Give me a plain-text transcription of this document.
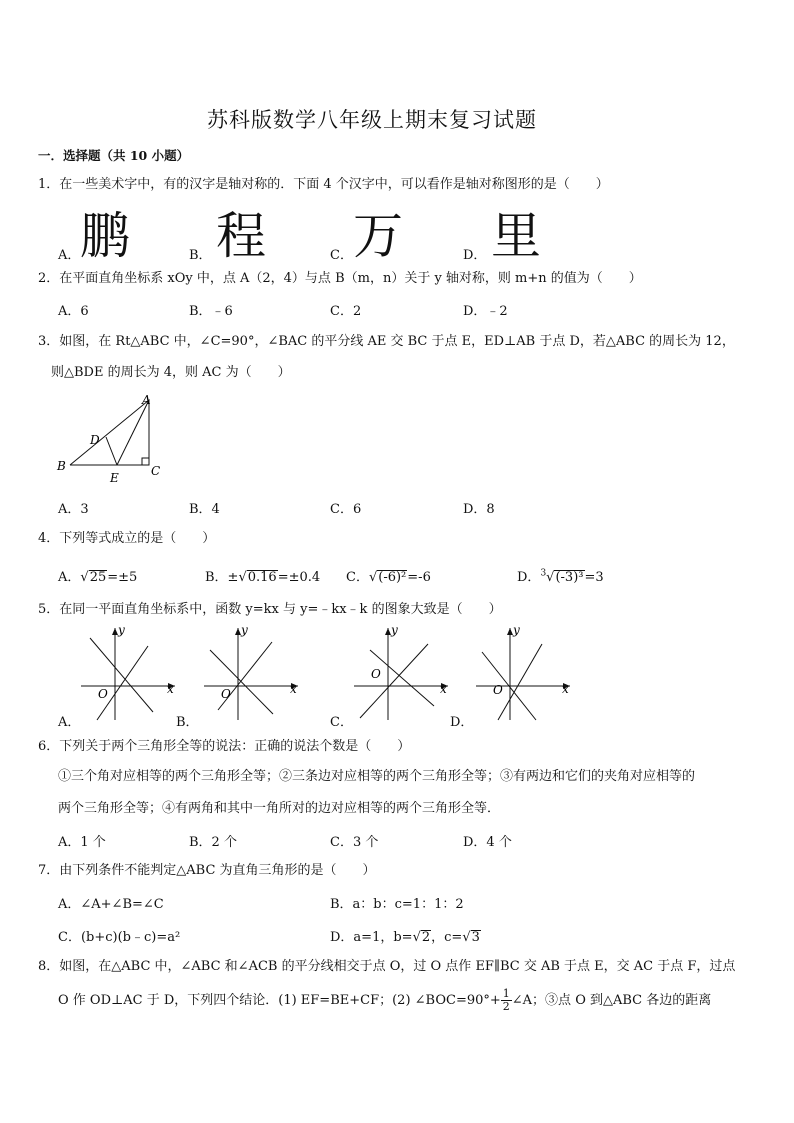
苏科版数学八年级上期末复习试题
一．选择题（共 10 小题）
1．在一些美术字中，有的汉字是轴对称的．下面 4 个汉字中，可以看作是轴对称图形的是（　　）
A． 鹏	B． 程	C． 万	D． 里
2．在平面直角坐标系 xOy 中，点 A（2，4）与点 B（m，n）关于 y 轴对称，则 m+n 的值为（　　）
A．6	B．﹣6	C．2	D．﹣2
3．如图，在 Rt△ABC 中，∠C=90°，∠BAC 的平分线 AE 交 BC 于点 E，ED⊥AB 于点 D，若△ABC 的周长为 12，
则△BDE 的周长为 4，则 AC 为（　　）
A
B	C
D
E
A．3	B．4	C．6	D．8
4．下列等式成立的是（　　）
A．√25=±5	B．±√0.16=±0.4 C．√(-6)²=-6	D．$^3$√(-3)³=3
5．在同一平面直角坐标系中，函数 y=kx 与 y=﹣kx﹣k 的图象大致是（　　）
y
x
O
y
x
O
y
x
O
y
x
O
A．	B．	C．	D．
6．下列关于两个三角形全等的说法：正确的说法个数是（　　）
①三个角对应相等的两个三角形全等；②三条边对应相等的两个三角形全等；③有两边和它们的夹角对应相等的
两个三角形全等；④有两角和其中一角所对的边对应相等的两个三角形全等．
A．1 个	B．2 个	C．3 个	D．4 个
7．由下列条件不能判定△ABC 为直角三角形的是（　　）
A．∠A+∠B=∠C	B．a：b：c=1：1：2
C．(b+c)(b﹣c)=a²	D．a=1，b=√2，c=√3
8．如图，在△ABC 中，∠ABC 和∠ACB 的平分线相交于点 O，过 O 点作 EF∥BC 交 AB 于点 E，交 AC 于点 F，过点
O 作 OD⊥AC 于 D，下列四个结论．(1) EF=BE+CF；(2) ∠BOC=90°+ $\frac{1}{2}$ ∠A；③点 O 到△ABC 各边的距离
